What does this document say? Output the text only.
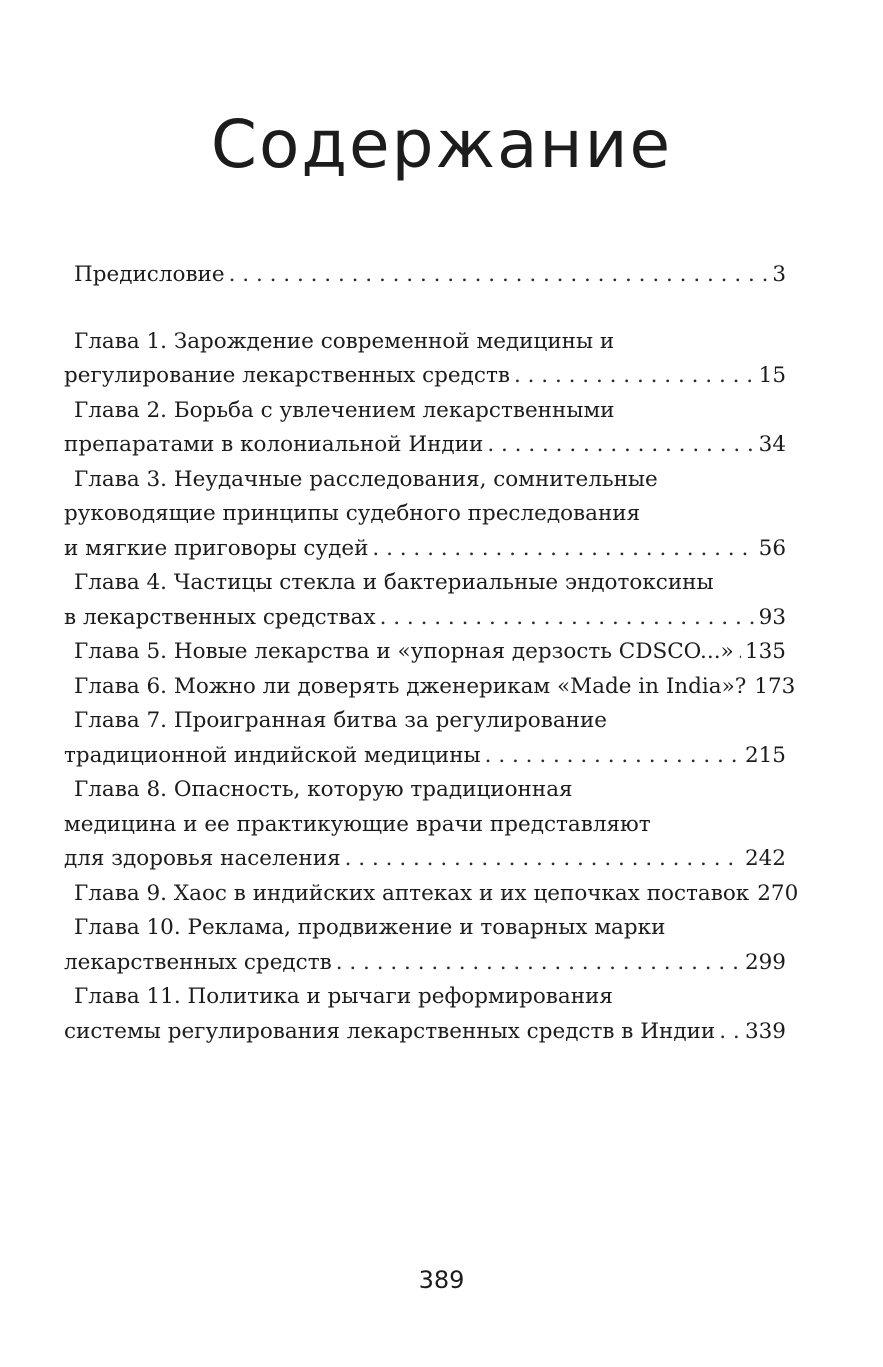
Содержание
Предисловие . . .	3
Глава 1. Зарождение современной медицины и
регулирование лекарственных средств . . .	15
Глава 2. Борьба с увлечением лекарственными
препаратами в колониальной Индии . . .	34
Глава 3. Неудачные расследования, сомнительные
руководящие принципы судебного преследования
и мягкие приговоры судей . . .	56
Глава 4. Частицы стекла и бактериальные эндотоксины
в лекарственных средствах . . .	93
Глава 5. Новые лекарства и «упорная дерзость CDSCO...» . . . 135
Глава 6. Можно ли доверять дженерикам «Made in India»? 173
Глава 7. Проигранная битва за регулирование
традиционной индийской медицины . . .	215
Глава 8. Опасность, которую традиционная
медицина и ее практикующие врачи представляют
для здоровья населения . . .	242
Глава 9. Хаос в индийских аптеках и их цепочках поставок 270
Глава 10. Реклама, продвижение и товарных марки
лекарственных средств . . .	299
Глава 11. Политика и рычаги реформирования
системы регулирования лекарственных средств в Индии . . . 339
389
